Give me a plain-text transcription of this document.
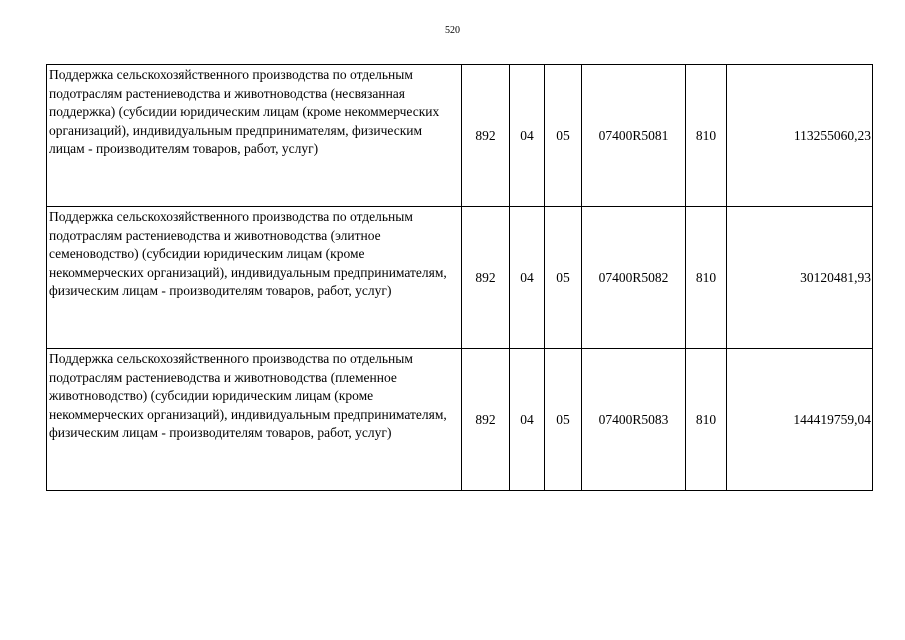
520
Поддержка сельскохозяйственного производства по отдельным подотраслям растениеводства и животноводства (несвязанная поддержка) (субсидии юридическим лицам (кроме некоммерческих организаций), индивидуальным предпринимателям, физическим лицам - производителям товаров, работ, услуг)	892	04	05	07400R5081	810	113255060,23
Поддержка сельскохозяйственного производства по отдельным подотраслям растениеводства и животноводства (элитное семеноводство) (субсидии юридическим лицам (кроме некоммерческих организаций), индивидуальным предпринимателям, физическим лицам - производителям товаров, работ, услуг)	892	04	05	07400R5082	810	30120481,93
Поддержка сельскохозяйственного производства по отдельным подотраслям растениеводства и животноводства (племенное животноводство) (субсидии юридическим лицам (кроме некоммерческих организаций), индивидуальным предпринимателям, физическим лицам - производителям товаров, работ, услуг)	892	04	05	07400R5083	810	144419759,04
